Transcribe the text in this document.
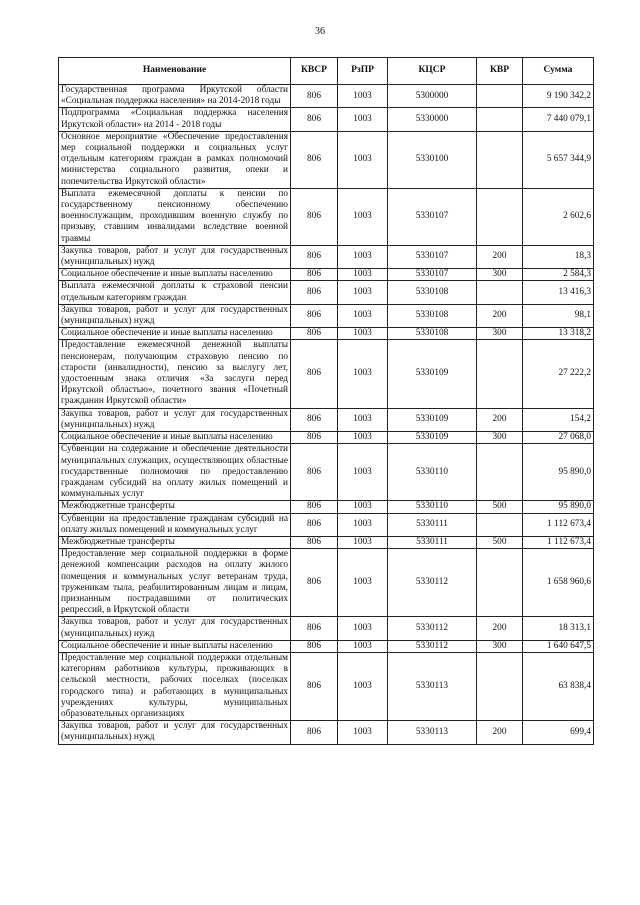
36
Наименование	КВСР	РзПР	КЦСР	КВР	Сумма
Государственная программа Иркутской области «Социальная поддержка населения» на 2014-2018 годы	806	1003	5300000		9 190 342,2
Подпрограмма «Социальная поддержка населения Иркутской области» на 2014 - 2018 годы	806	1003	5330000		7 440 079,1
Основное мероприятие «Обеспечение предоставления мер социальной поддержки и социальных услуг отдельным категориям граждан в рамках полномочий министерства социального развития, опеки и попечительства Иркутской области»	806	1003	5330100		5 657 344,9
Выплата ежемесячной доплаты к пенсии по государственному пенсионному обеспечению военнослужащим, проходившим военную службу по призыву, ставшим инвалидами вследствие военной травмы	806	1003	5330107		2 602,6
Закупка товаров, работ и услуг для государственных (муниципальных) нужд	806	1003	5330107	200	18,3
Социальное обеспечение и иные выплаты населению	806	1003	5330107	300	2 584,3
Выплата ежемесячной доплаты к страховой пенсии отдельным категориям граждан	806	1003	5330108		13 416,3
Закупка товаров, работ и услуг для государственных (муниципальных) нужд	806	1003	5330108	200	98,1
Социальное обеспечение и иные выплаты населению	806	1003	5330108	300	13 318,2
Предоставление ежемесячной денежной выплаты пенсионерам, получающим страховую пенсию по старости (инвалидности), пенсию за выслугу лет, удостоенным знака отличия «За заслуги перед Иркутской областью», почетного звания «Почетный гражданин Иркутской области»	806	1003	5330109		27 222,2
Закупка товаров, работ и услуг для государственных (муниципальных) нужд	806	1003	5330109	200	154,2
Социальное обеспечение и иные выплаты населению	806	1003	5330109	300	27 068,0
Субвенции на содержание и обеспечение деятельности муниципальных служащих, осуществляющих областные государственные полномочия по предоставлению гражданам субсидий на оплату жилых помещений и коммунальных услуг	806	1003	5330110		95 890,0
Межбюджетные трансферты	806	1003	5330110	500	95 890,0
Субвенции на предоставление гражданам субсидий на оплату жилых помещений и коммунальных услуг	806	1003	5330111		1 112 673,4
Межбюджетные трансферты	806	1003	5330111	500	1 112 673,4
Предоставление мер социальной поддержки в форме денежной компенсации расходов на оплату жилого помещения и коммунальных услуг ветеранам труда, труженикам тыла, реабилитированным лицам и лицам, признанным пострадавшими от политических репрессий, в Иркутской области	806	1003	5330112		1 658 960,6
Закупка товаров, работ и услуг для государственных (муниципальных) нужд	806	1003	5330112	200	18 313,1
Социальное обеспечение и иные выплаты населению	806	1003	5330112	300	1 640 647,5
Предоставление мер социальной поддержки отдельным категориям работников культуры, проживающих в сельской местности, рабочих поселках (поселках городского типа) и работающих в муниципальных учреждениях культуры, муниципальных образовательных организациях	806	1003	5330113		63 838,4
Закупка товаров, работ и услуг для государственных (муниципальных) нужд	806	1003	5330113	200	699,4
